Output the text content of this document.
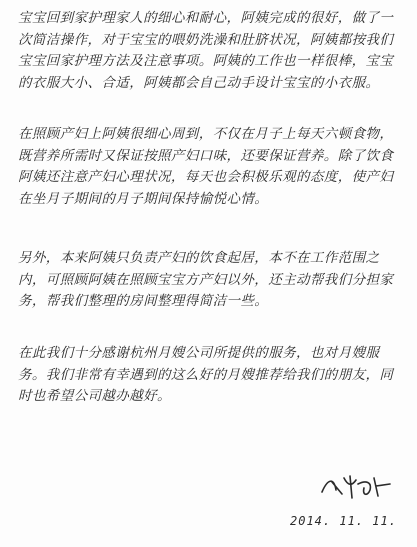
宝宝回到家护理家人的细心和耐心，阿姨完成的很好，做了一次简洁操作，对于宝宝的喂奶洗澡和肚脐状况，阿姨都按我们宝宝回家护理方法及注意事项。阿姨的工作也一样很棒，宝宝的衣服大小、合适，阿姨都会自己动手设计宝宝的小衣服。
在照顾产妇上阿姨很细心周到，不仅在月子上每天六顿食物，既营养所需时又保证按照产妇口味，还要保证营养。除了饮食阿姨还注意产妇心理状况，每天也会积极乐观的态度，使产妇在坐月子期间的月子期间保持愉悦心情。
另外，本来阿姨只负责产妇的饮食起居，本不在工作范围之内，可照顾阿姨在照顾宝宝方产妇以外，还主动帮我们分担家务，帮我们整理的房间整理得简洁一些。
在此我们十分感谢杭州月嫂公司所提供的服务，也对月嫂服务。我们非常有幸遇到的这么好的月嫂推荐给我们的朋友，同时也希望公司越办越好。
2014. 11. 11.
